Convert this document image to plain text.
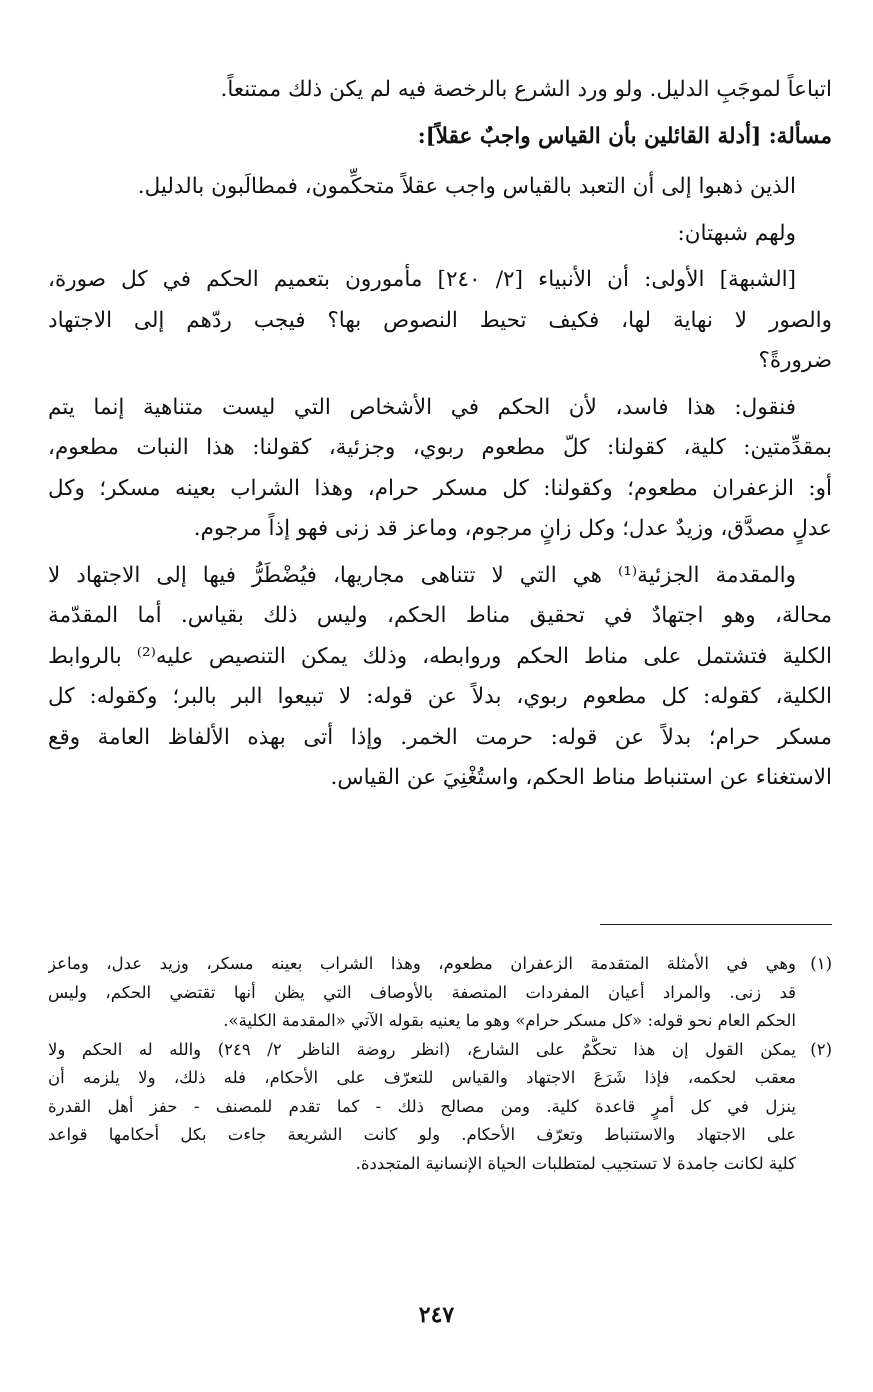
اتباعاً لموجَبِ الدليل. ولو ورد الشرع بالرخصة فيه لم يكن ذلك ممتنعاً.
مسألة: [أدلة القائلين بأن القياس واجبٌ عقلاً]:
الذين ذهبوا إلى أن التعبد بالقياس واجب عقلاً متحكِّمون، فمطالَبون بالدليل.
ولهم شبهتان:
[الشبهة] الأولى: أن الأنبياء [٢/ ٢٤٠] مأمورون بتعميم الحكم في كل صورة،
والصور لا نهاية لها، فكيف تحيط النصوص بها؟ فيجب ردّهم إلى الاجتهاد
ضرورةً؟
فنقول: هذا فاسد، لأن الحكم في الأشخاص التي ليست متناهية إنما يتم
بمقدِّمتين: كلية، كقولنا: كلّ مطعوم ربوي، وجزئية، كقولنا: هذا النبات مطعوم،
أو: الزعفران مطعوم؛ وكقولنا: كل مسكر حرام، وهذا الشراب بعينه مسكر؛ وكل
عدلٍ مصدَّق، وزيدٌ عدل؛ وكل زانٍ مرجوم، وماعز قد زنى فهو إذاً مرجوم.
والمقدمة الجزئية⁽¹⁾ هي التي لا تتناهى مجاريها، فيُضْطَرُّ فيها إلى الاجتهاد لا
محالة، وهو اجتهادٌ في تحقيق مناط الحكم، وليس ذلك بقياس. أما المقدّمة
الكلية فتشتمل على مناط الحكم وروابطه، وذلك يمكن التنصيص عليه⁽²⁾ بالروابط
الكلية، كقوله: كل مطعوم ربوي، بدلاً عن قوله: لا تبيعوا البر بالبر؛ وكقوله: كل
مسكر حرام؛ بدلاً عن قوله: حرمت الخمر. وإذا أتى بهذه الألفاظ العامة وقع
الاستغناء عن استنباط مناط الحكم، واستُغْنِيَ عن القياس.
(١)
وهي في الأمثلة المتقدمة الزعفران مطعوم، وهذا الشراب بعينه مسكر، وزيد عدل، وماعز
قد زنى. والمراد أعيان المفردات المتصفة بالأوصاف التي يظن أنها تقتضي الحكم، وليس
الحكم العام نحو قوله: «كل مسكر حرام» وهو ما يعنيه بقوله الآتي «المقدمة الكلية».
(٢)
يمكن القول إن هذا تحكُّمٌ على الشارع، (انظر روضة الناظر ٢/ ٢٤٩) والله له الحكم ولا
معقب لحكمه، فإذا شَرَعَ الاجتهاد والقياس للتعرّف على الأحكام، فله ذلك، ولا يلزمه أن
ينزل في كل أمرٍ قاعدة كلية. ومن مصالح ذلك - كما تقدم للمصنف - حفز أهل القدرة
على الاجتهاد والاستنباط وتعرّف الأحكام. ولو كانت الشريعة جاءت بكل أحكامها قواعد
كلية لكانت جامدة لا تستجيب لمتطلبات الحياة الإنسانية المتجددة.
٢٤٧
